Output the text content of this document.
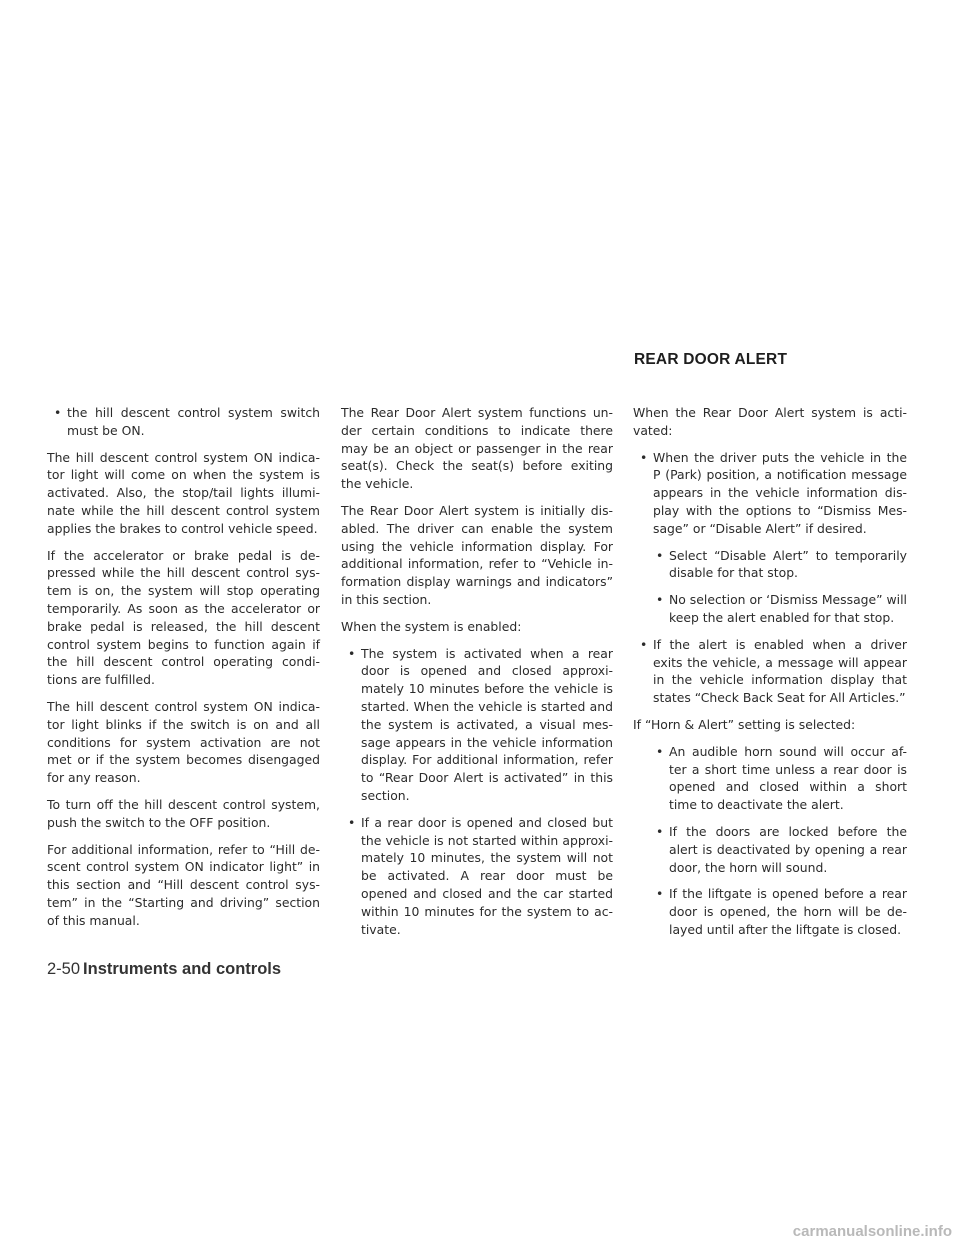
REAR DOOR ALERT
• the hill descent control system switch must be ON.

The hill descent control system ON indica-tor light will come on when the system is activated. Also, the stop/tail lights illumi-nate while the hill descent control system applies the brakes to control vehicle speed.

If the accelerator or brake pedal is de-pressed while the hill descent control sys-tem is on, the system will stop operating temporarily. As soon as the accelerator or brake pedal is released, the hill descent control system begins to function again if the hill descent control operating condi-tions are fulfilled.

The hill descent control system ON indica-tor light blinks if the switch is on and all conditions for system activation are not met or if the system becomes disengaged for any reason.

To turn off the hill descent control system, push the switch to the OFF position.

For additional information, refer to “Hill de-scent control system ON indicator light” in this section and “Hill descent control sys-tem” in the “Starting and driving” section of this manual.

The Rear Door Alert system functions un-der certain conditions to indicate there may be an object or passenger in the rear seat(s). Check the seat(s) before exiting the vehicle.

The Rear Door Alert system is initially dis-abled. The driver can enable the system using the vehicle information display. For additional information, refer to “Vehicle in-formation display warnings and indicators” in this section.

When the system is enabled:

• The system is activated when a rear door is opened and closed approxi-mately 10 minutes before the vehicle is started. When the vehicle is started and the system is activated, a visual mes-sage appears in the vehicle information display. For additional information, refer to “Rear Door Alert is activated” in this section.
• If a rear door is opened and closed but the vehicle is not started within approxi-mately 10 minutes, the system will not be activated. A rear door must be opened and closed and the car started within 10 minutes for the system to ac-tivate.

When the Rear Door Alert system is acti-vated:

• When the driver puts the vehicle in the P (Park) position, a notification message appears in the vehicle information dis-play with the options to “Dismiss Mes-sage” or “Disable Alert” if desired.
• Select “Disable Alert” to temporarily disable for that stop.
• No selection or ‘Dismiss Message” will keep the alert enabled for that stop.
• If the alert is enabled when a driver exits the vehicle, a message will appear in the vehicle information display that states “Check Back Seat for All Articles.”

If “Horn & Alert” setting is selected:

• An audible horn sound will occur af-ter a short time unless a rear door is opened and closed within a short time to deactivate the alert.
• If the doors are locked before the alert is deactivated by opening a rear door, the horn will sound.
• If the liftgate is opened before a rear door is opened, the horn will be de-layed until after the liftgate is closed.

2-50 Instruments and controls

carmanualsonline.info
